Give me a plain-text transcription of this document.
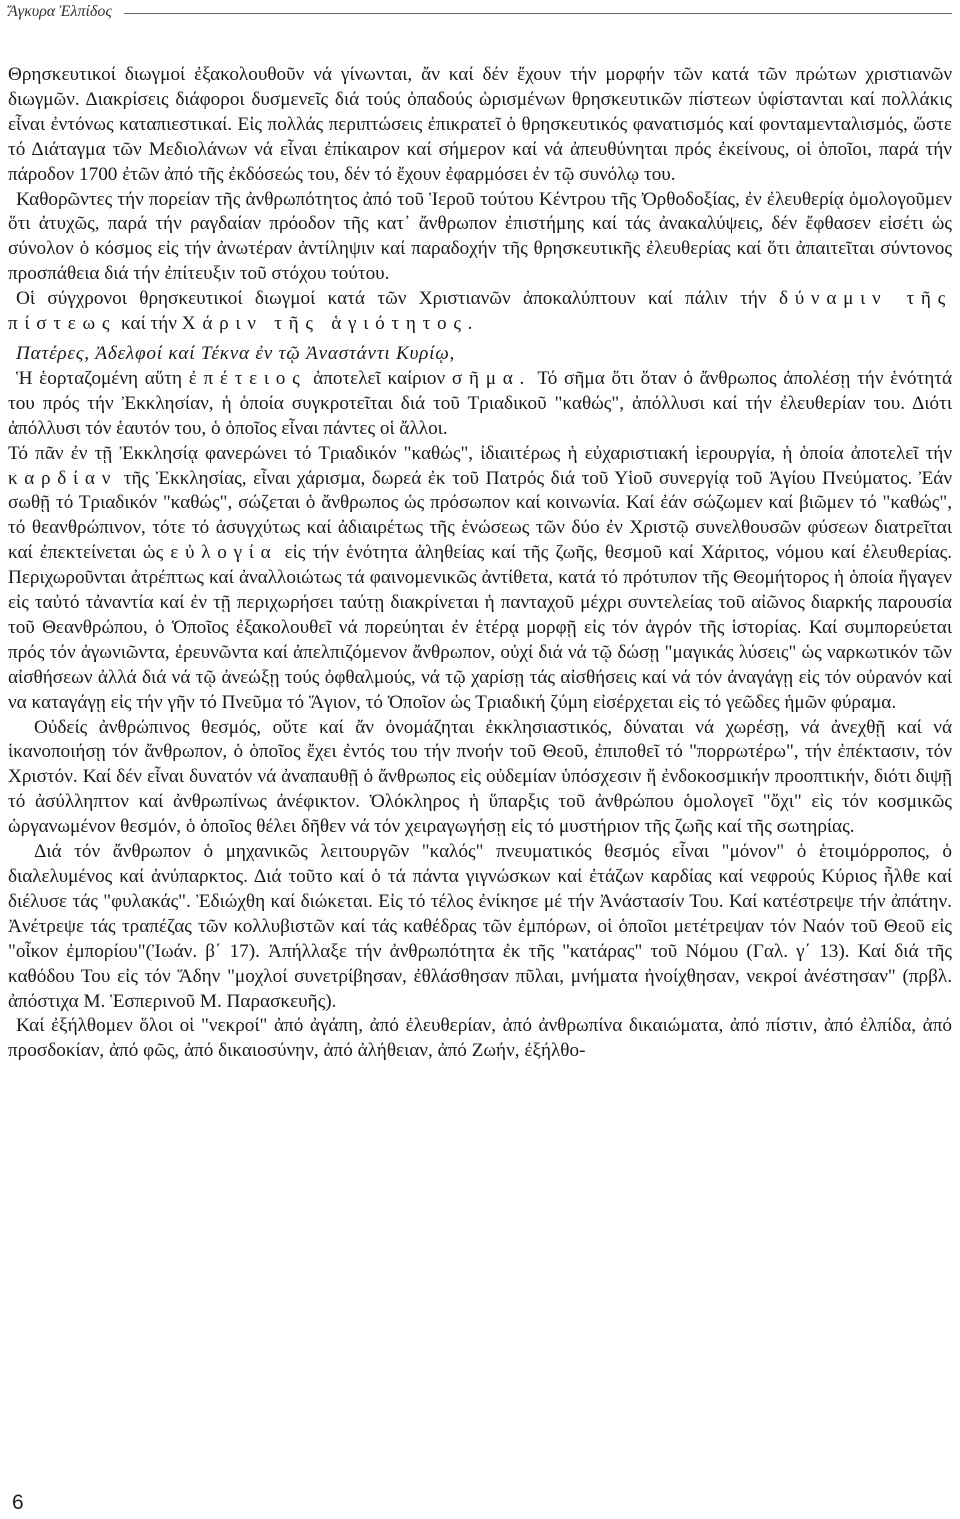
Ἄγκυρα Ἐλπίδος

Θρησκευτικοί διωγμοί ἐξακολουθοῦν νά γίνωνται, ἄν καί δέν ἔχουν τήν μορφήν τῶν κατά τῶν πρώτων χριστιανῶν διωγμῶν. Διακρίσεις διάφοροι δυσμενεῖς διά τούς ὀπαδούς ὡρισμένων θρησκευτικῶν πίστεων ὑφίστανται καί πολλάκις εἶναι ἐντόνως καταπιεστικαί. Εἰς πολλάς περιπτώσεις ἐπικρατεῖ ὁ θρησκευτικός φανατισμός καί φονταμενταλισμός, ὥστε τό Διάταγμα τῶν Μεδιολάνων νά εἶναι ἐπίκαιρον καί σήμερον καί νά ἀπευθύνηται πρός ἐκείνους, οἱ ὁποῖοι, παρά τήν πάροδον 1700 ἐτῶν ἀπό τῆς ἐκδόσεώς του, δέν τό ἔχουν ἐφαρμόσει ἐν τῷ συνόλῳ του.

Καθορῶντες τήν πορείαν τῆς ἀνθρωπότητος ἀπό τοῦ Ἱεροῦ τούτου Κέντρου τῆς Ὀρθοδοξίας, ἐν ἐλευθερίᾳ ὁμολογοῦμεν ὅτι ἀτυχῶς, παρά τήν ραγδαίαν πρόοδον τῆς κατ᾽ ἄνθρωπον ἐπιστήμης καί τάς ἀνακαλύψεις, δέν ἔφθασεν εἰσέτι ὡς σύνολον ὁ κόσμος εἰς τήν ἀνωτέραν ἀντίληψιν καί παραδοχήν τῆς θρησκευτικῆς ἐλευθερίας καί ὅτι ἀπαιτεῖται σύντονος προσπάθεια διά τήν ἐπίτευξιν τοῦ στόχου τούτου.

Οἱ σύγχρονοι θρησκευτικοί διωγμοί κατά τῶν Χριστιανῶν ἀποκαλύπτουν καί πάλιν τήν δύναμιν τῆς πίστεως καί τήν Χάριν τῆς ἁγιότητος.

Πατέρες, Ἀδελφοί καί Τέκνα ἐν τῷ Ἀναστάντι Κυρίῳ,

Ἡ ἑορταζομένη αὕτη ἐπέτειος ἀποτελεῖ καίριον σῆμα. Τό σῆμα ὅτι ὅταν ὁ ἄνθρωπος ἀπολέσῃ τήν ἑνότητά του πρός τήν Ἐκκλησίαν, ἡ ὁποία συγκροτεῖται διά τοῦ Τριαδικοῦ "καθώς", ἀπόλλυσι καί τήν ἐλευθερίαν του. Διότι ἀπόλλυσι τόν ἑαυτόν του, ὁ ὁποῖος εἶναι πάντες οἱ ἄλλοι.

Τό πᾶν ἐν τῇ Ἐκκλησίᾳ φανερώνει τό Τριαδικόν "καθώς", ἰδιαιτέρως ἡ εὐχαριστιακή ἱερουργία, ἡ ὁποία ἀποτελεῖ τήν καρδίαν τῆς Ἐκκλησίας, εἶναι χάρισμα, δωρεά ἐκ τοῦ Πατρός διά τοῦ Υἱοῦ συνεργίᾳ τοῦ Ἁγίου Πνεύματος. Ἐάν σωθῇ τό Τριαδικόν "καθώς", σώζεται ὁ ἄνθρωπος ὡς πρόσωπον καί κοινωνία. Καί ἐάν σώζωμεν καί βιῶμεν τό "καθώς", τό θεανθρώπινον, τότε τό ἀσυγχύτως καί ἀδιαιρέτως τῆς ἑνώσεως τῶν δύο ἐν Χριστῷ συνελθουσῶν φύσεων διατρεῖται καί ἐπεκτείνεται ὡς εὐλογία εἰς τήν ἑνότητα ἀληθείας καί τῆς ζωῆς, θεσμοῦ καί Χάριτος, νόμου καί ἐλευθερίας. Περιχωροῦνται ἀτρέπτως καί ἀναλλοιώτως τά φαινομενικῶς ἀντίθετα, κατά τό πρότυπον τῆς Θεομήτορος ἡ ὁποία ἤγαγεν εἰς ταὐτό τἀναντία καί ἐν τῇ περιχωρήσει ταύτῃ διακρίνεται ἡ πανταχοῦ μέχρι συντελείας τοῦ αἰῶνος διαρκής παρουσία τοῦ Θεανθρώπου, ὁ Ὁποῖος ἐξακολουθεῖ νά πορεύηται ἐν ἑτέρᾳ μορφῇ εἰς τόν ἀγρόν τῆς ἱστορίας. Καί συμπορεύεται πρός τόν ἀγωνιῶντα, ἐρευνῶντα καί ἀπελπιζόμενον ἄνθρωπον, οὐχί διά νά τῷ δώσῃ "μαγικάς λύσεις" ὡς ναρκωτικόν τῶν αἰσθήσεων ἀλλά διά νά τῷ ἀνεώξῃ τούς ὀφθαλμούς, νά τῷ χαρίσῃ τάς αἰσθήσεις καί νά τόν ἀναγάγῃ εἰς τόν οὐρανόν καί να καταγάγῃ εἰς τήν γῆν τό Πνεῦμα τό Ἅγιον, τό Ὁποῖον ὡς Τριαδική ζύμη εἰσέρχεται εἰς τό γεῶδες ἡμῶν φύραμα.

Οὐδείς ἀνθρώπινος θεσμός, οὔτε καί ἄν ὀνομάζηται ἐκκλησιαστικός, δύναται νά χωρέσῃ, νά ἀνεχθῇ καί νά ἱκανοποιήσῃ τόν ἄνθρωπον, ὁ ὁποῖος ἔχει ἐντός του τήν πνοήν τοῦ Θεοῦ, ἐπιποθεῖ τό "πορρωτέρω", τήν ἐπέκτασιν, τόν Χριστόν. Καί δέν εἶναι δυνατόν νά ἀναπαυθῇ ὁ ἄνθρωπος εἰς οὐδεμίαν ὑπόσχεσιν ἤ ἐνδοκοσμικήν προοπτικήν, διότι διψῇ τό ἀσύλληπτον καί ἀνθρωπίνως ἀνέφικτον. Ὁλόκληρος ἡ ὕπαρξις τοῦ ἀνθρώπου ὁμολογεῖ "ὄχι" εἰς τόν κοσμικῶς ὡργανωμένον θεσμόν, ὁ ὁποῖος θέλει δῆθεν νά τόν χειραγωγήσῃ εἰς τό μυστήριον τῆς ζωῆς καί τῆς σωτηρίας.

Διά τόν ἄνθρωπον ὁ μηχανικῶς λειτουργῶν "καλός" πνευματικός θεσμός εἶναι "μόνον" ὁ ἑτοιμόρροπος, ὁ διαλελυμένος καί ἀνύπαρκτος. Διά τοῦτο καί ὁ τά πάντα γιγνώσκων καί ἐτάζων καρδίας καί νεφρούς Κύριος ἦλθε καί διέλυσε τάς "φυλακάς". Ἐδιώχθη καί διώκεται. Εἰς τό τέλος ἐνίκησε μέ τήν Ἀνάστασίν Του. Καί κατέστρεψε τήν ἀπάτην. Ἀνέτρεψε τάς τραπέζας τῶν κολλυβιστῶν καί τάς καθέδρας τῶν ἐμπόρων, οἱ ὁποῖοι μετέτρεψαν τόν Ναόν τοῦ Θεοῦ εἰς "οἶκον ἐμπορίου"(Ἰωάν. β΄ 17). Ἀπήλλαξε τήν ἀνθρωπότητα ἐκ τῆς "κατάρας" τοῦ Νόμου (Γαλ. γ΄ 13). Καί διά τῆς καθόδου Του εἰς τόν Ἅδην "μοχλοί συνετρίβησαν, ἐθλάσθησαν πῦλαι, μνήματα ἠνοίχθησαν, νεκροί ἀνέστησαν" (πρβλ. ἀπόστιχα Μ. Ἑσπερινοῦ Μ. Παρασκευῆς).

Καί ἐξήλθομεν ὅλοι οἱ "νεκροί" ἀπό ἀγάπη, ἀπό ἐλευθερίαν, ἀπό ἀνθρωπίνα δικαιώματα, ἀπό πίστιν, ἀπό ἐλπίδα, ἀπό προσδοκίαν, ἀπό φῶς, ἀπό δικαιοσύνην, ἀπό ἀλήθειαν, ἀπό Ζωήν, ἐξήλθο-

6
